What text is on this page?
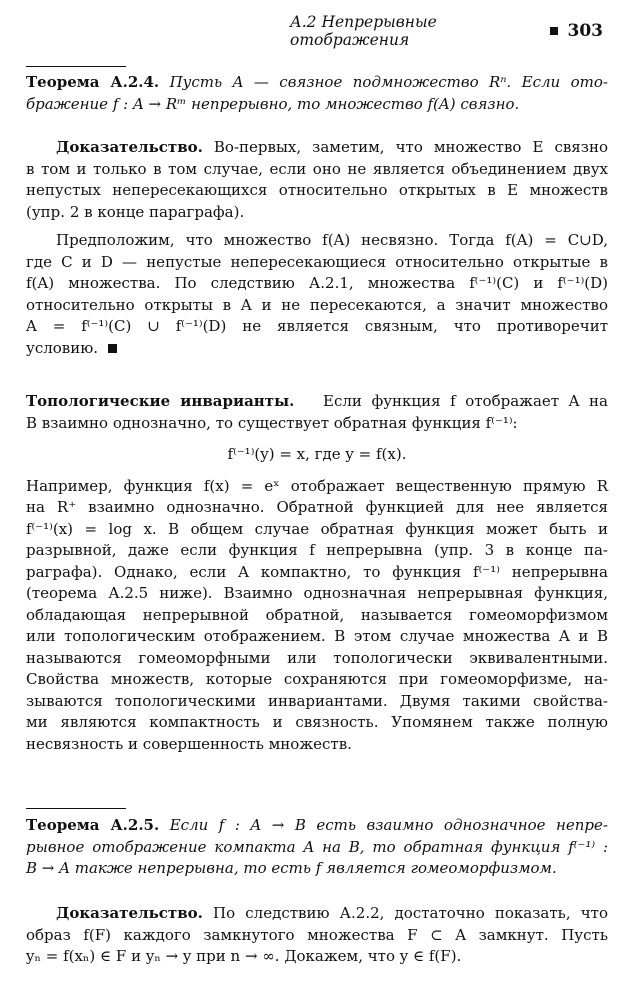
А.2 Непрерывные отображения	303
Теорема А.2.4. Пусть A — связное подмножество Rⁿ. Если ото-
бражение f : A → Rᵐ непрерывно, то множество f(A) связно.
Доказательство. Во-первых, заметим, что множество E связно
в том и только в том случае, если оно не является объединением двух
непустых непересекающихся относительно открытых в E множеств
(упр. 2 в конце параграфа).
Предположим, что множество f(A) несвязно. Тогда f(A) = C∪D,
где C и D — непустые непересекающиеся относительно открытые в
f(A) множества. По следствию А.2.1, множества f⁽⁻¹⁾(C) и f⁽⁻¹⁾(D)
относительно открыты в A и не пересекаются, а значит множество
A = f⁽⁻¹⁾(C) ∪ f⁽⁻¹⁾(D) не является связным, что противоречит
условию.
Топологические инварианты. Если функция f отображает A на
B взаимно однозначно, то существует обратная функция f⁽⁻¹⁾:
f⁽⁻¹⁾(y) = x, где y = f(x).
Например, функция f(x) = eˣ отображает вещественную прямую R
на R⁺ взаимно однозначно. Обратной функцией для нее является
f⁽⁻¹⁾(x) = log x. В общем случае обратная функция может быть и
разрывной, даже если функция f непрерывна (упр. 3 в конце па-
раграфа). Однако, если A компактно, то функция f⁽⁻¹⁾ непрерывна
(теорема А.2.5 ниже). Взаимно однозначная непрерывная функция,
обладающая непрерывной обратной, называется гомеоморфизмом
или топологическим отображением. В этом случае множества A и B
называются гомеоморфными или топологически эквивалентными.
Свойства множеств, которые сохраняются при гомеоморфизме, на-
зываются топологическими инвариантами. Двумя такими свойства-
ми являются компактность и связность. Упомянем также полную
несвязность и совершенность множеств.
Теорема А.2.5. Если f : A → B есть взаимно однозначное непре-
рывное отображение компакта A на B, то обратная функция f⁽⁻¹⁾ :
B → A также непрерывна, то есть f является гомеоморфизмом.
Доказательство. По следствию А.2.2, достаточно показать, что
образ f(F) каждого замкнутого множества F ⊂ A замкнут. Пусть
yₙ = f(xₙ) ∈ F и yₙ → y при n → ∞. Докажем, что y ∈ f(F).
